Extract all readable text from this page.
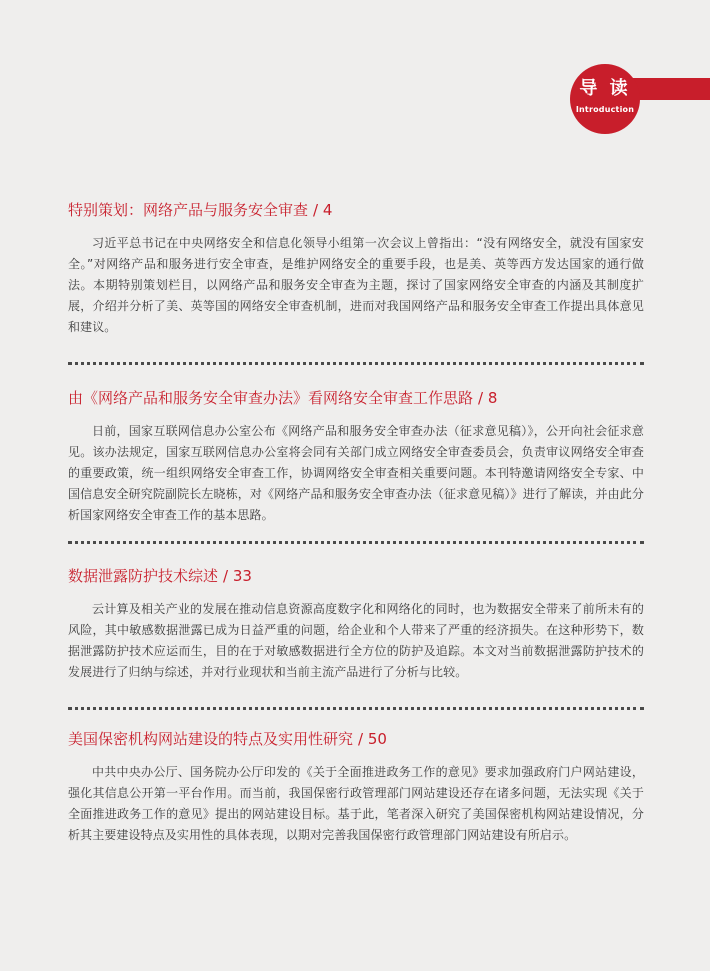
导 读
Introduction
特别策划：网络产品与服务安全审查 / 4

习近平总书记在中央网络安全和信息化领导小组第一次会议上曾指出：“没有网络安全，就没有国家安全。”对网络产品和服务进行安全审查，是维护网络安全的重要手段，也是美、英等西方发达国家的通行做法。本期特别策划栏目，以网络产品和服务安全审查为主题，探讨了国家网络安全审查的内涵及其制度扩展，介绍并分析了美、英等国的网络安全审查机制，进而对我国网络产品和服务安全审查工作提出具体意见和建议。

由《网络产品和服务安全审查办法》看网络安全审查工作思路 / 8

日前，国家互联网信息办公室公布《网络产品和服务安全审查办法（征求意见稿）》，公开向社会征求意见。该办法规定，国家互联网信息办公室将会同有关部门成立网络安全审查委员会，负责审议网络安全审查的重要政策，统一组织网络安全审查工作，协调网络安全审查相关重要问题。本刊特邀请网络安全专家、中国信息安全研究院副院长左晓栋，对《网络产品和服务安全审查办法（征求意见稿）》进行了解读，并由此分析国家网络安全审查工作的基本思路。

数据泄露防护技术综述 / 33

云计算及相关产业的发展在推动信息资源高度数字化和网络化的同时，也为数据安全带来了前所未有的风险，其中敏感数据泄露已成为日益严重的问题，给企业和个人带来了严重的经济损失。在这种形势下，数据泄露防护技术应运而生，目的在于对敏感数据进行全方位的防护及追踪。本文对当前数据泄露防护技术的发展进行了归纳与综述，并对行业现状和当前主流产品进行了分析与比较。

美国保密机构网站建设的特点及实用性研究 / 50

中共中央办公厅、国务院办公厅印发的《关于全面推进政务工作的意见》要求加强政府门户网站建设，强化其信息公开第一平台作用。而当前，我国保密行政管理部门网站建设还存在诸多问题，无法实现《关于全面推进政务工作的意见》提出的网站建设目标。基于此，笔者深入研究了美国保密机构网站建设情况，分析其主要建设特点及实用性的具体表现，以期对完善我国保密行政管理部门网站建设有所启示。
